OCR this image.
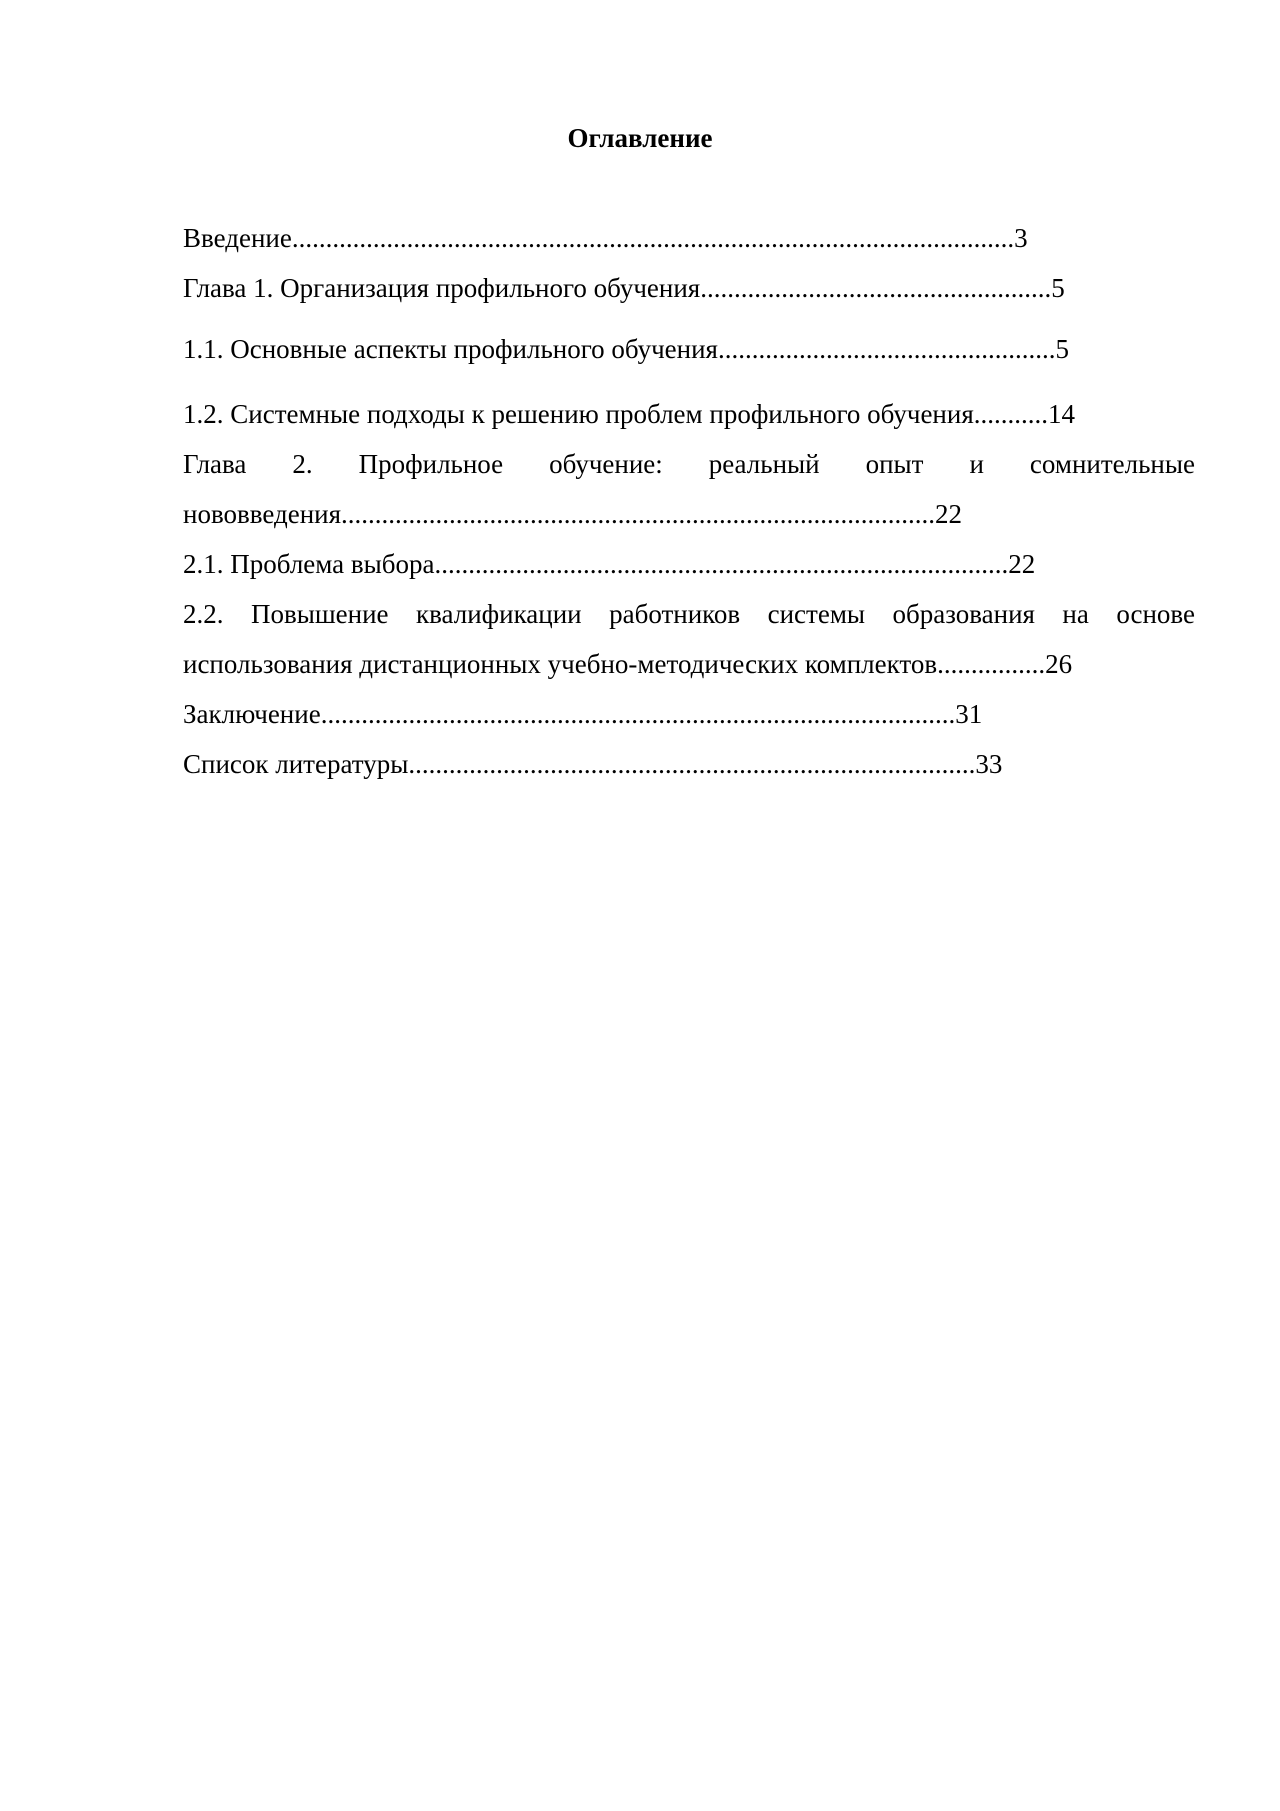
Оглавление
Введение...........................................................................................................3
Глава 1. Организация профильного обучения....................................................5
1.1. Основные аспекты профильного обучения..................................................5
1.2. Системные подходы к решению проблем профильного обучения...........14
Глава 2. Профильное обучение: реальный опыт и сомнительные
нововведения........................................................................................22
2.1. Проблема выбора.....................................................................................22
2.2. Повышение квалификации работников системы образования на основе
использования дистанционных учебно-методических комплектов................26
Заключение..............................................................................................31
Список литературы....................................................................................33
